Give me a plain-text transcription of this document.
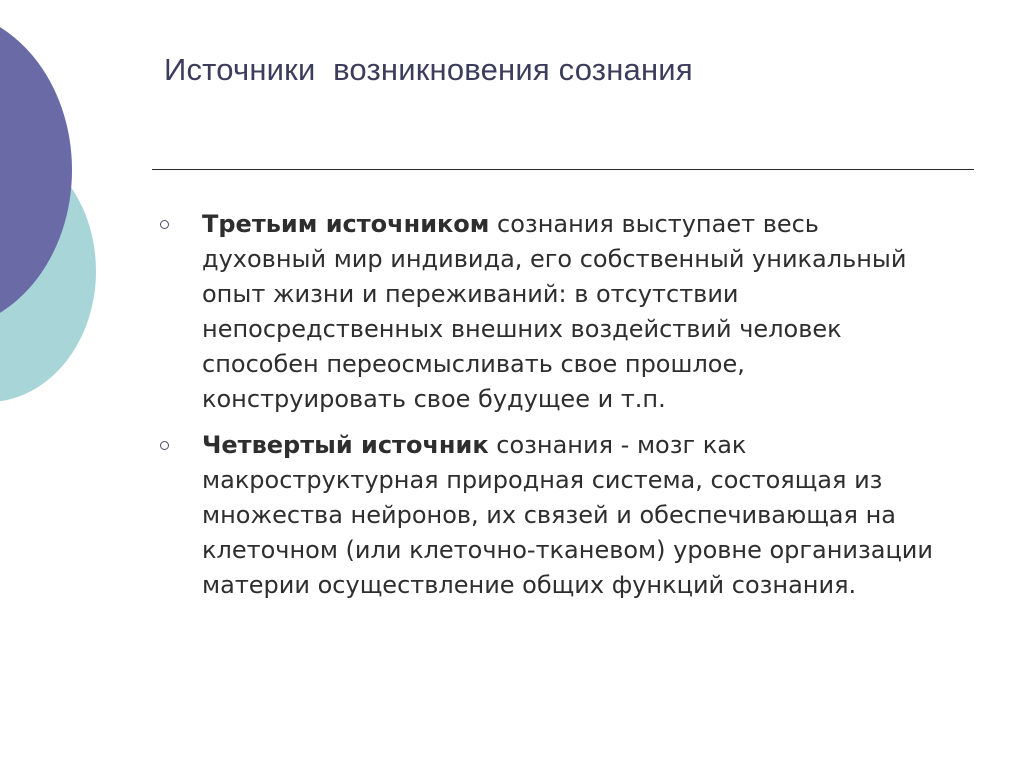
Источники  возникновения сознания
Третьим источником сознания выступает весь духовный мир индивида, его собственный уникальный опыт жизни и переживаний: в отсутствии непосредственных внешних воздействий человек способен переосмысливать свое прошлое, конструировать свое будущее и т.п.
Четвертый источник сознания - мозг как макроструктурная природная система, состоящая из множества нейронов, их связей и обеспечивающая на клеточном (или клеточно-тканевом) уровне организации материи осуществление общих функций сознания.
